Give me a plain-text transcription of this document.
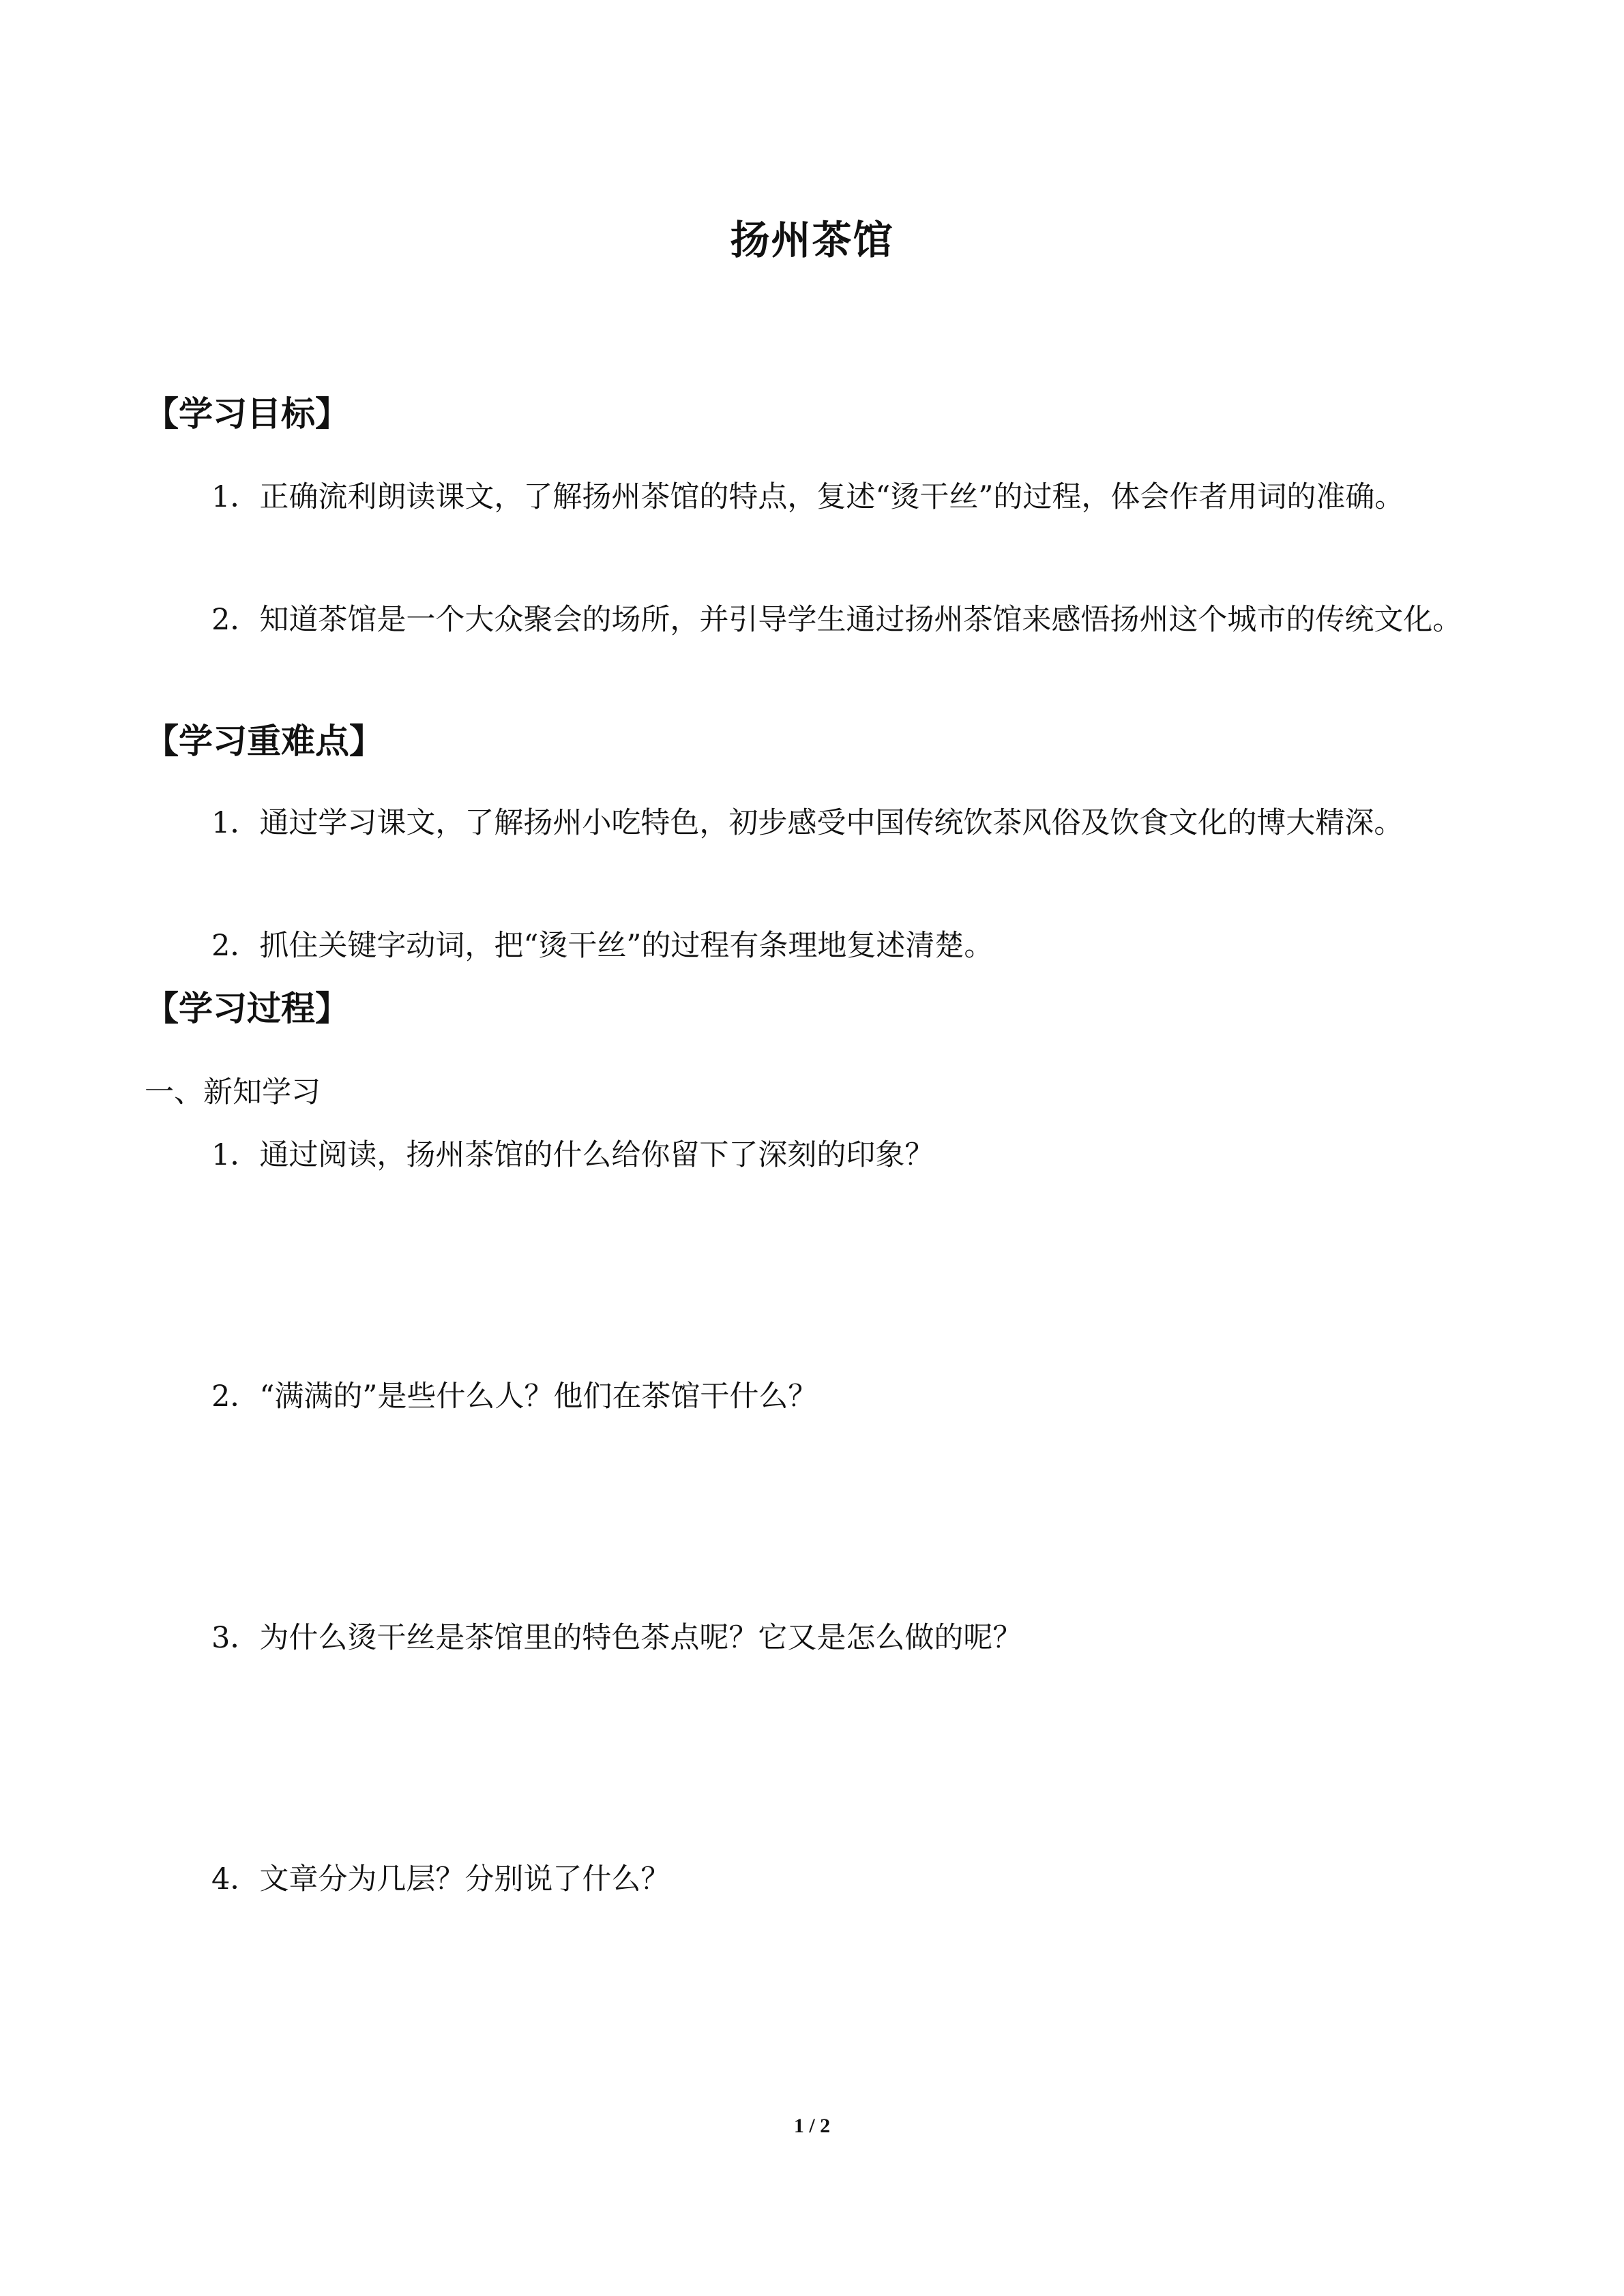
扬州茶馆
【学习目标】
1．正确流利朗读课文，了解扬州茶馆的特点，复述“烫干丝”的过程，体会作者用词的准确。
2．知道茶馆是一个大众聚会的场所，并引导学生通过扬州茶馆来感悟扬州这个城市的传统文化。
【学习重难点】
1．通过学习课文，了解扬州小吃特色，初步感受中国传统饮茶风俗及饮食文化的博大精深。
2．抓住关键字动词，把“烫干丝”的过程有条理地复述清楚。
【学习过程】
一、新知学习
1．通过阅读，扬州茶馆的什么给你留下了深刻的印象？
2．“满满的”是些什么人？他们在茶馆干什么？
3．为什么烫干丝是茶馆里的特色茶点呢？它又是怎么做的呢？
4．文章分为几层？分别说了什么？
1 / 2
